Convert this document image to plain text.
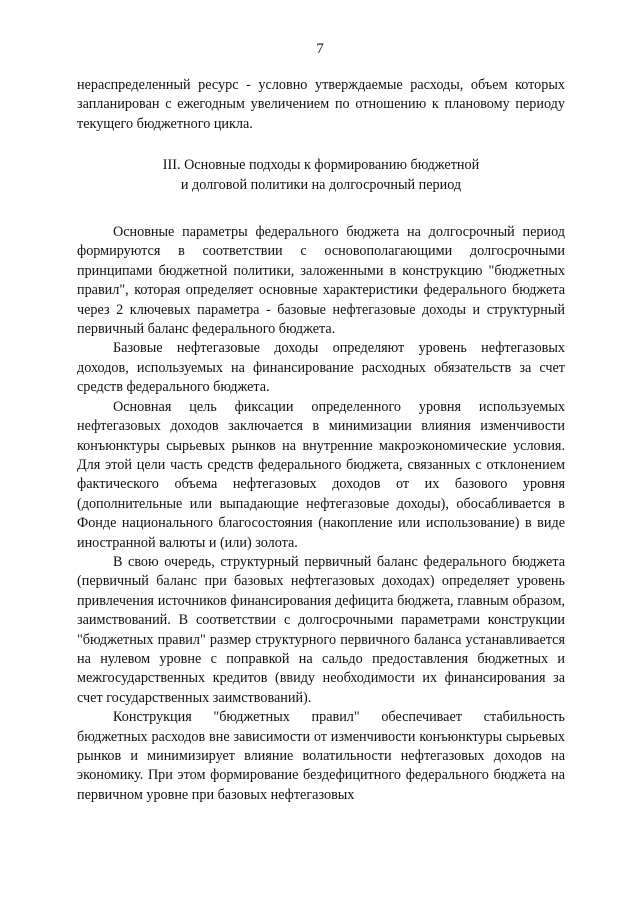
7

нераспределенный ресурс - условно утверждаемые расходы, объем которых запланирован с ежегодным увеличением по отношению к плановому периоду текущего бюджетного цикла.

III. Основные подходы к формированию бюджетной
и долговой политики на долгосрочный период

Основные параметры федерального бюджета на долгосрочный период формируются в соответствии с основополагающими долгосрочными принципами бюджетной политики, заложенными в конструкцию "бюджетных правил", которая определяет основные характеристики федерального бюджета через 2 ключевых параметра - базовые нефтегазовые доходы и структурный первичный баланс федерального бюджета.

Базовые нефтегазовые доходы определяют уровень нефтегазовых доходов, используемых на финансирование расходных обязательств за счет средств федерального бюджета.

Основная цель фиксации определенного уровня используемых нефтегазовых доходов заключается в минимизации влияния изменчивости конъюнктуры сырьевых рынков на внутренние макроэкономические условия. Для этой цели часть средств федерального бюджета, связанных с отклонением фактического объема нефтегазовых доходов от их базового уровня (дополнительные или выпадающие нефтегазовые доходы), обосабливается в Фонде национального благосостояния (накопление или использование) в виде иностранной валюты и (или) золота.

В свою очередь, структурный первичный баланс федерального бюджета (первичный баланс при базовых нефтегазовых доходах) определяет уровень привлечения источников финансирования дефицита бюджета, главным образом, заимствований. В соответствии с долгосрочными параметрами конструкции "бюджетных правил" размер структурного первичного баланса устанавливается на нулевом уровне с поправкой на сальдо предоставления бюджетных и межгосударственных кредитов (ввиду необходимости их финансирования за счет государственных заимствований).

Конструкция "бюджетных правил" обеспечивает стабильность бюджетных расходов вне зависимости от изменчивости конъюнктуры сырьевых рынков и минимизирует влияние волатильности нефтегазовых доходов на экономику. При этом формирование бездефицитного федерального бюджета на первичном уровне при базовых нефтегазовых
